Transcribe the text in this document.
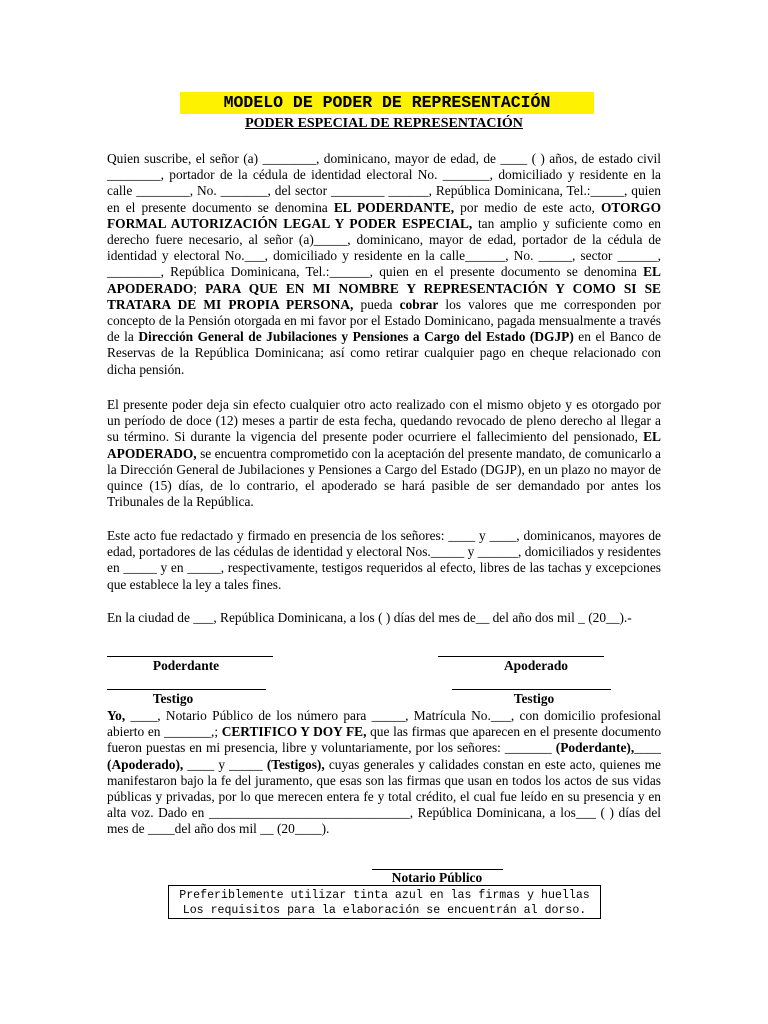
MODELO DE PODER DE REPRESENTACIÓN
PODER ESPECIAL DE REPRESENTACIÓN

Quien suscribe, el señor (a) ________, dominicano, mayor de edad, de ____ ( ) años, de estado civil ________, portador de la cédula de identidad electoral No. _______, domiciliado y residente en la calle ________, No. _______, del sector ________ ______, República Dominicana, Tel.:_____, quien en el presente documento se denomina EL PODERDANTE, por medio de este acto, OTORGO FORMAL AUTORIZACIÓN LEGAL Y PODER ESPECIAL, tan amplio y suficiente como en derecho fuere necesario, al señor (a)_____, dominicano, mayor de edad, portador de la cédula de identidad y electoral No.___, domiciliado y residente en la calle______, No. _____, sector ______, ________, República Dominicana, Tel.:______, quien en el presente documento se denomina EL APODERADO; PARA QUE EN MI NOMBRE Y REPRESENTACIÓN Y COMO SI SE TRATARA DE MI PROPIA PERSONA, pueda cobrar los valores que me corresponden por concepto de la Pensión otorgada en mi favor por el Estado Dominicano, pagada mensualmente a través de la Dirección General de Jubilaciones y Pensiones a Cargo del Estado (DGJP) en el Banco de Reservas de la República Dominicana; así como retirar cualquier pago en cheque relacionado con dicha pensión.

El presente poder deja sin efecto cualquier otro acto realizado con el mismo objeto y es otorgado por un período de doce (12) meses a partir de esta fecha, quedando revocado de pleno derecho al llegar a su término. Si durante la vigencia del presente poder ocurriere el fallecimiento del pensionado, EL APODERADO, se encuentra comprometido con la aceptación del presente mandato, de comunicarlo a la Dirección General de Jubilaciones y Pensiones a Cargo del Estado (DGJP), en un plazo no mayor de quince (15) días, de lo contrario, el apoderado se hará pasible de ser demandado por antes los Tribunales de la República.

Este acto fue redactado y firmado en presencia de los señores: ____ y ____, dominicanos, mayores de edad, portadores de las cédulas de identidad y electoral Nos._____ y ______, domiciliados y residentes en _____ y en _____, respectivamente, testigos requeridos al efecto, libres de las tachas y excepciones que establece la ley a tales fines.

En la ciudad de ___, República Dominicana, a los ( ) días del mes de__ del año dos mil _ (20__).-

Poderdante	Apoderado
Testigo	Testigo

Yo, ____, Notario Público de los número para _____, Matrícula No.___, con domicilio profesional abierto en _______,; CERTIFICO Y DOY FE, que las firmas que aparecen en el presente documento fueron puestas en mi presencia, libre y voluntariamente, por los señores: _______ (Poderdante),____ (Apoderado), ____ y _____ (Testigos), cuyas generales y calidades constan en este acto, quienes me manifestaron bajo la fe del juramento, que esas son las firmas que usan en todos los actos de sus vidas públicas y privadas, por lo que merecen entera fe y total crédito, el cual fue leído en su presencia y en alta voz. Dado en ______________________________, República Dominicana, a los___ ( ) días del mes de ____del año dos mil __ (20____).

Notario Público
Preferiblemente utilizar tinta azul en las firmas y huellas
Los requisitos para la elaboración se encuentrán al dorso.
